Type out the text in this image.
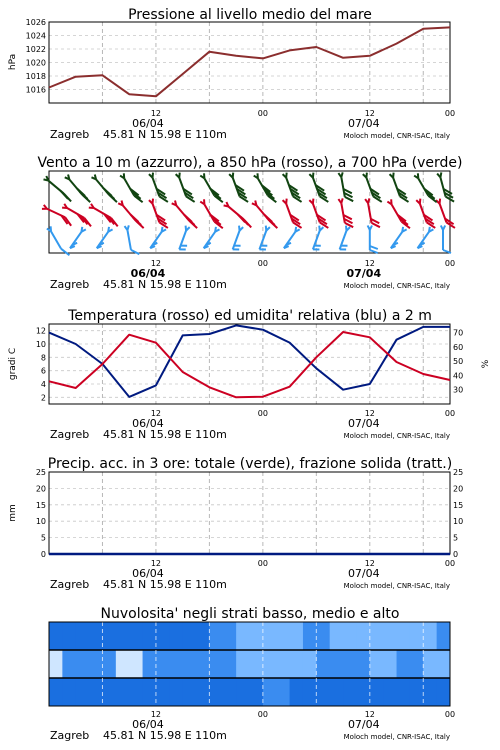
Pressione al livello medio del mare
1016
1018
1020
1022
1024
1026
hPa
12	00	12	00
06/04	07/04
Zagreb 45.81 N 15.98 E 110m	Moloch model, CNR-ISAC, Italy
Vento a 10 m (azzurro), a 850 hPa (rosso), a 700 hPa (verde)
12	00	12	00
06/04	07/04
Zagreb 45.81 N 15.98 E 110m	Moloch model, CNR-ISAC, Italy
Temperatura (rosso) ed umidita' relativa (blu) a 2 m
2
4
6
8
10
12
30
40
50
60
70
gradi C	%
12	00	12	00
06/04	07/04
Zagreb 45.81 N 15.98 E 110m	Moloch model, CNR-ISAC, Italy
Precip. acc. in 3 ore: totale (verde), frazione solida (tratt.)
0	0
5	5
10	10
15	15
20	20
25	25
mm
12	00	12	00
06/04	07/04
Zagreb 45.81 N 15.98 E 110m	Moloch model, CNR-ISAC, Italy
Nuvolosita' negli strati basso, medio e alto
12	00	12	00
06/04	07/04
Zagreb 45.81 N 15.98 E 110m	Moloch model, CNR-ISAC, Italy
